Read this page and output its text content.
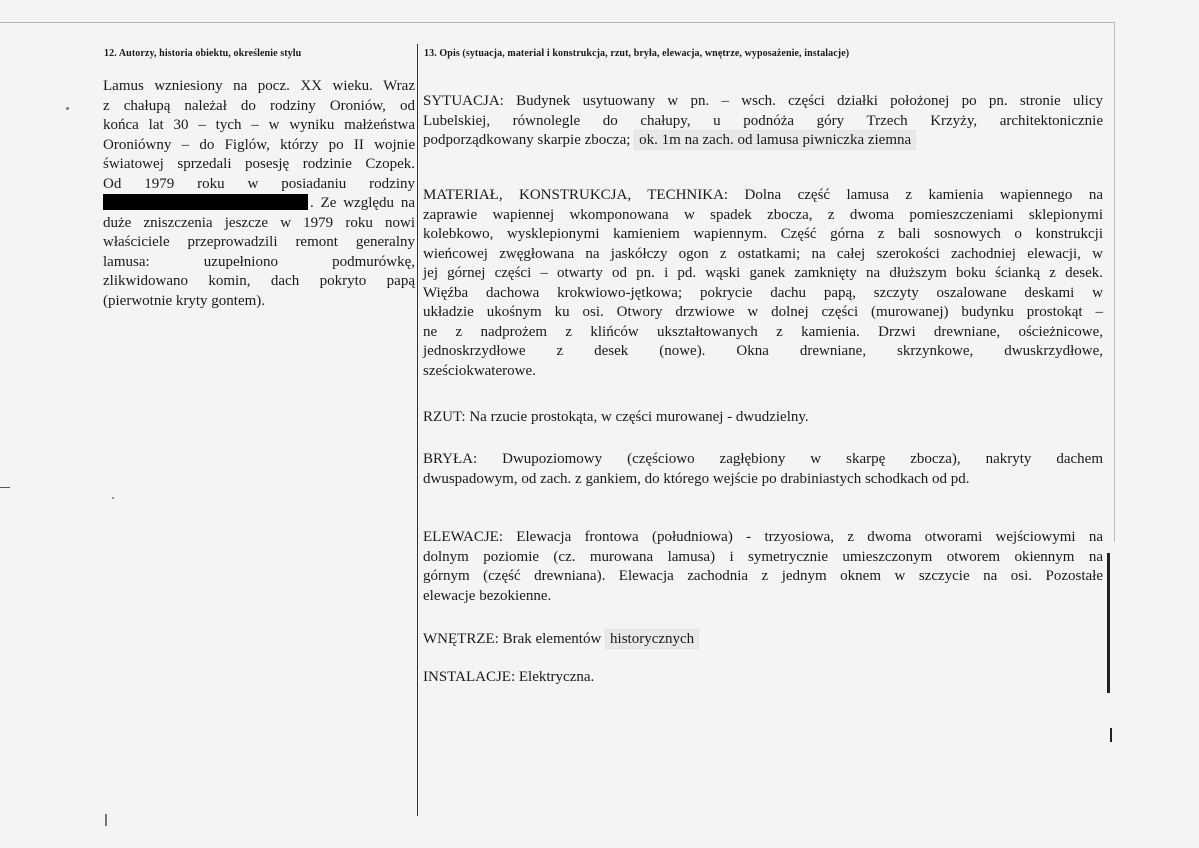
12. Autorzy, historia obiektu, określenie stylu	13. Opis (sytuacja, materiał i konstrukcja, rzut, bryła, elewacja, wnętrze, wyposażenie, instalacje)
Lamus wzniesiony na pocz. XX wieku. Wraz
z chałupą należał do rodziny Oroniów, od
końca lat 30 – tych – w wyniku małżeństwa
Oroniówny – do Figlów, którzy po II wojnie
światowej sprzedali posesję rodzinie Czopek.
Od 1979 roku w posiadaniu rodziny
. Ze względu na
duże zniszczenia jeszcze w 1979 roku nowi
właściciele przeprowadzili remont generalny
lamusa: uzupełniono podmurówkę,
zlikwidowano komin, dach pokryto papą
(pierwotnie kryty gontem).
SYTUACJA: Budynek usytuowany w pn. – wsch. części działki położonej po pn. stronie ulicy
Lubelskiej, równolegle do chałupy, u podnóża góry Trzech Krzyży, architektonicznie
podporządkowany skarpie zbocza; ok. 1m na zach. od lamusa piwniczka ziemna
MATERIAŁ, KONSTRUKCJA, TECHNIKA: Dolna część lamusa z kamienia wapiennego na
zaprawie wapiennej wkomponowana w spadek zbocza, z dwoma pomieszczeniami sklepionymi
kolebkowo, wysklepionymi kamieniem wapiennym. Część górna z bali sosnowych o konstrukcji
wieńcowej zwęgłowana na jaskółczy ogon z ostatkami; na całej szerokości zachodniej elewacji, w
jej górnej części – otwarty od pn. i pd. wąski ganek zamknięty na dłuższym boku ścianką z desek.
Więźba dachowa krokwiowo-jętkowa; pokrycie dachu papą, szczyty oszalowane deskami w
układzie ukośnym ku osi. Otwory drzwiowe w dolnej części (murowanej) budynku prostokąt –
ne z nadprożem z klińców ukształtowanych z kamienia. Drzwi drewniane, ościeżnicowe,
jednoskrzydłowe z desek (nowe). Okna drewniane, skrzynkowe, dwuskrzydłowe,
sześciokwaterowe.
RZUT: Na rzucie prostokąta, w części murowanej - dwudzielny.
BRYŁA: Dwupoziomowy (częściowo zagłębiony w skarpę zbocza), nakryty dachem
dwuspadowym, od zach. z gankiem, do którego wejście po drabiniastych schodkach od pd.
ELEWACJE: Elewacja frontowa (południowa) - trzyosiowa, z dwoma otworami wejściowymi na
dolnym poziomie (cz. murowana lamusa) i symetrycznie umieszczonym otworem okiennym na
górnym (część drewniana). Elewacja zachodnia z jednym oknem w szczycie na osi. Pozostałe
elewacje bezokienne.
WNĘTRZE: Brak elementów historycznych
INSTALACJE: Elektryczna.
